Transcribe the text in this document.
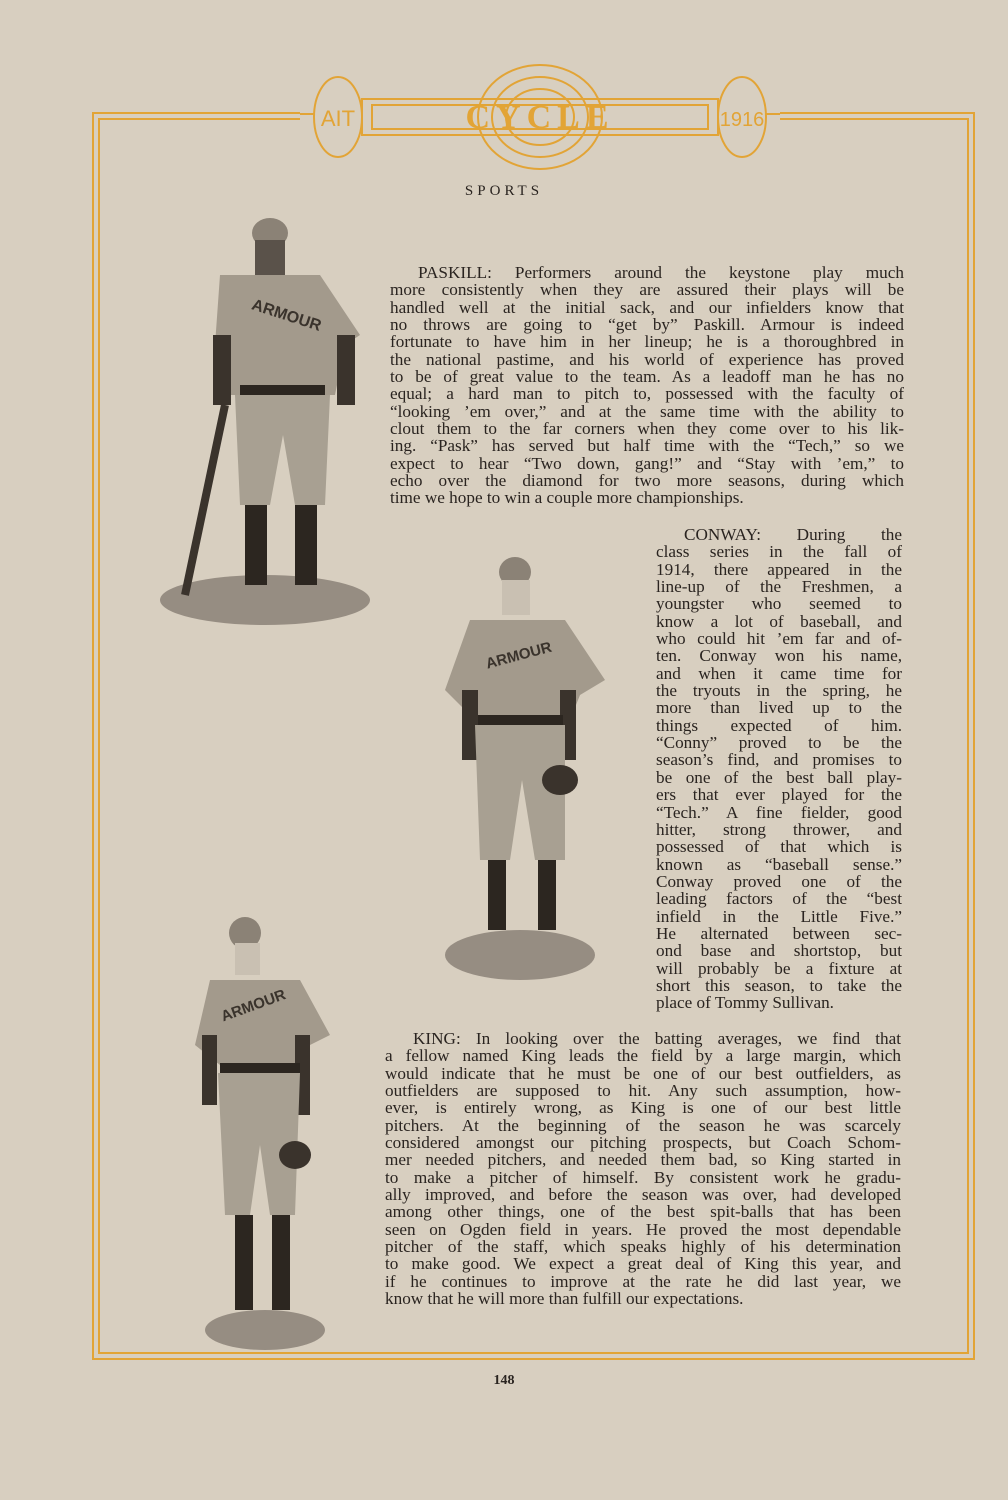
AIT	CYCLE	1916
SPORTS
ARMOUR
ARMOUR
ARMOUR
PASKILL: Performers around the keystone play much
more consistently when they are assured their plays will be
handled well at the initial sack, and our infielders know that
no throws are going to “get by” Paskill. Armour is indeed
fortunate to have him in her lineup; he is a thoroughbred in
the national pastime, and his world of experience has proved
to be of great value to the team. As a leadoff man he has no
equal; a hard man to pitch to, possessed with the faculty of
“looking ’em over,” and at the same time with the ability to
clout them to the far corners when they come over to his lik-
ing. “Pask” has served but half time with the “Tech,” so we
expect to hear “Two down, gang!” and “Stay with ’em,” to
echo over the diamond for two more seasons, during which
time we hope to win a couple more championships.
CONWAY: During the
class series in the fall of
1914, there appeared in the
line-up of the Freshmen, a
youngster who seemed to
know a lot of baseball, and
who could hit ’em far and of-
ten. Conway won his name,
and when it came time for
the tryouts in the spring, he
more than lived up to the
things expected of him.
“Conny” proved to be the
season’s find, and promises to
be one of the best ball play-
ers that ever played for the
“Tech.” A fine fielder, good
hitter, strong thrower, and
possessed of that which is
known as “baseball sense.”
Conway proved one of the
leading factors of the “best
infield in the Little Five.”
He alternated between sec-
ond base and shortstop, but
will probably be a fixture at
short this season, to take the
place of Tommy Sullivan.
KING: In looking over the batting averages, we find that
a fellow named King leads the field by a large margin, which
would indicate that he must be one of our best outfielders, as
outfielders are supposed to hit. Any such assumption, how-
ever, is entirely wrong, as King is one of our best little
pitchers. At the beginning of the season he was scarcely
considered amongst our pitching prospects, but Coach Schom-
mer needed pitchers, and needed them bad, so King started in
to make a pitcher of himself. By consistent work he gradu-
ally improved, and before the season was over, had developed
among other things, one of the best spit-balls that has been
seen on Ogden field in years. He proved the most dependable
pitcher of the staff, which speaks highly of his determination
to make good. We expect a great deal of King this year, and
if he continues to improve at the rate he did last year, we
know that he will more than fulfill our expectations.
148
